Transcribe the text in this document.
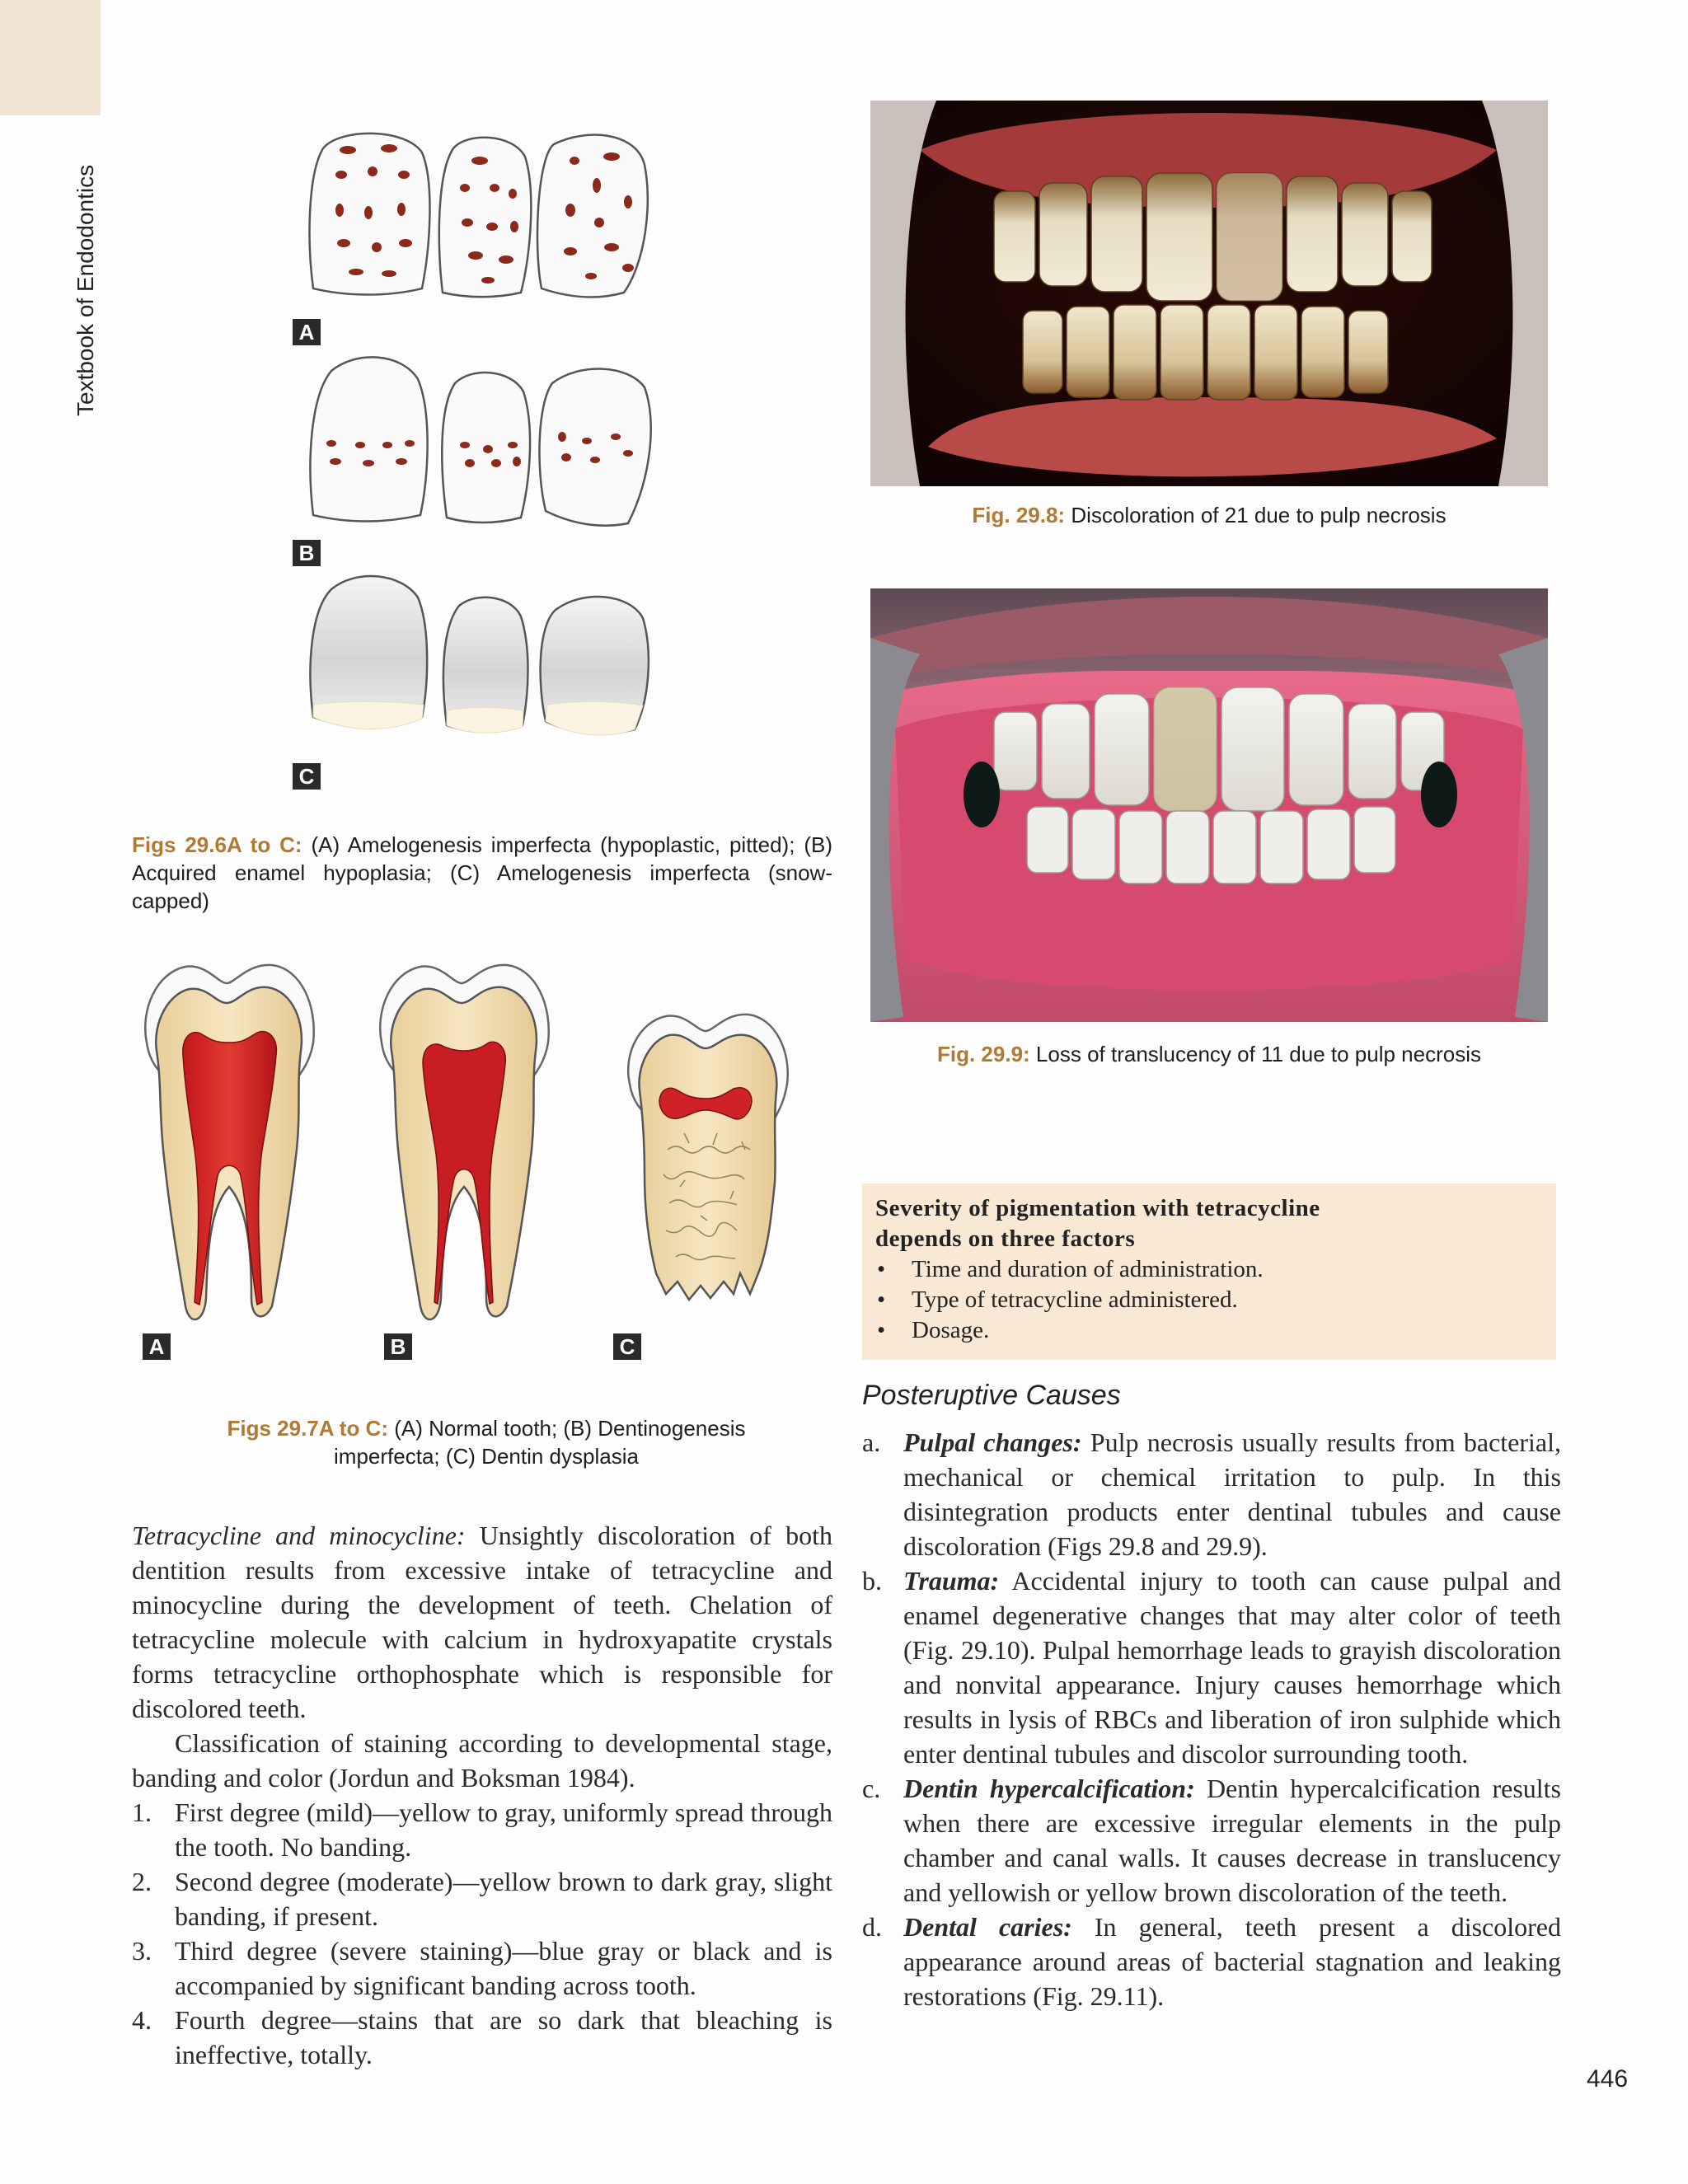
Textbook of Endodontics	A
B
C
Figs 29.6A to C: (A) Amelogenesis imperfecta (hypoplastic, pitted); (B) Acquired enamel hypoplasia; (C) Amelogenesis imperfecta (snow-capped)
A	B	C
Figs 29.7A to C: (A) Normal tooth; (B) Dentinogenesis imperfecta; (C) Dentin dysplasia
Fig. 29.8: Discoloration of 21 due to pulp necrosis
Fig. 29.9: Loss of translucency of 11 due to pulp necrosis
Severity of pigmentation with tetracycline
depends on three factors
• Time and duration of administration.
• Type of tetracycline administered.
• Dosage.

Tetracycline and minocycline: Unsightly discoloration of both dentition results from excessive intake of tetracycline and minocycline during the development of teeth. Chelation of tetracycline molecule with calcium in hydroxyapatite crystals forms tetracycline orthophosphate which is responsible for discolored teeth.

Classification of staining according to developmental stage, banding and color (Jordun and Boksman 1984).

1. First degree (mild)—yellow to gray, uniformly spread through the tooth. No banding.
2. Second degree (moderate)—yellow brown to dark gray, slight banding, if present.
3. Third degree (severe staining)—blue gray or black and is accompanied by significant banding across tooth.
4. Fourth degree—stains that are so dark that bleaching is ineffective, totally.
Posteruptive Causes
a. Pulpal changes: Pulp necrosis usually results from bacterial, mechanical or chemical irritation to pulp. In this disintegration products enter dentinal tubules and cause discoloration (Figs 29.8 and 29.9).
b. Trauma: Accidental injury to tooth can cause pulpal and enamel degenerative changes that may alter color of teeth (Fig. 29.10). Pulpal hemorrhage leads to grayish discoloration and nonvital appearance. Injury causes hemorrhage which results in lysis of RBCs and liberation of iron sulphide which enter dentinal tubules and discolor surrounding tooth.
c. Dentin hypercalcification: Dentin hypercalcification results when there are excessive irregular elements in the pulp chamber and canal walls. It causes decrease in translucency and yellowish or yellow brown discoloration of the teeth.
d. Dental caries: In general, teeth present a discolored appearance around areas of bacterial stagnation and leaking restorations (Fig. 29.11).
446
